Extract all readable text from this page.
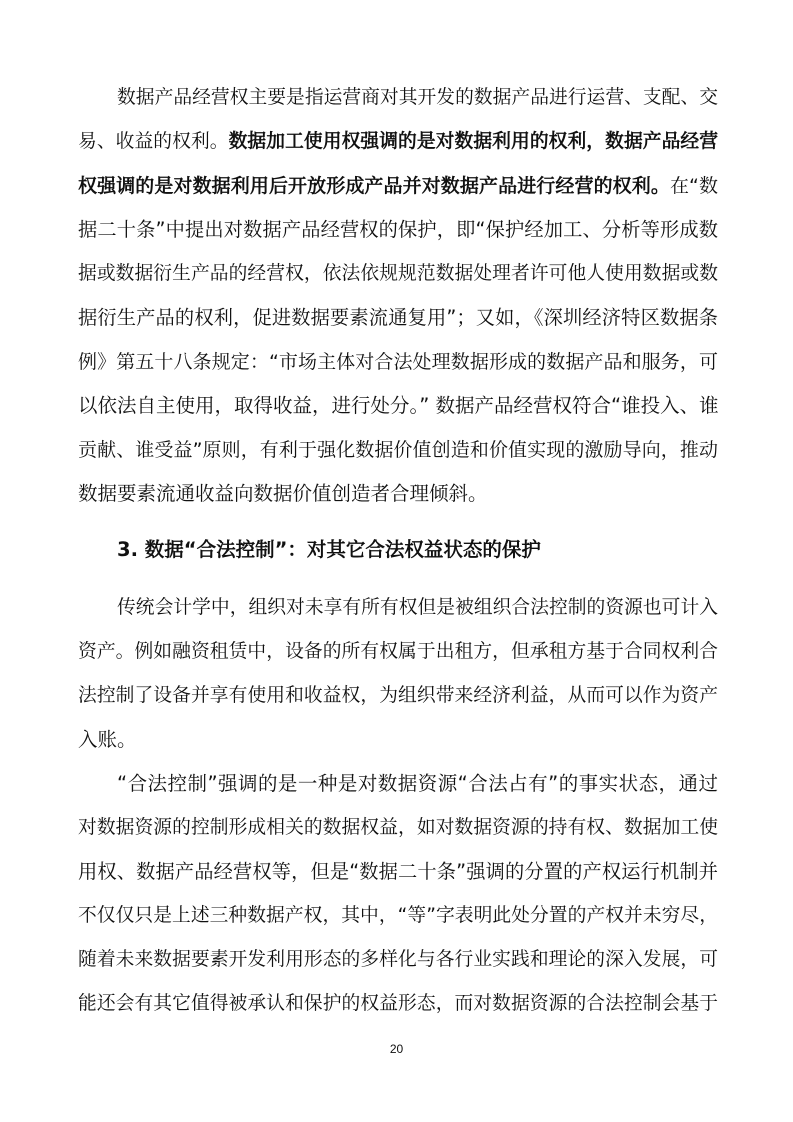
数据产品经营权主要是指运营商对其开发的数据产品进行运营、支配、交
易、收益的权利。数据加工使用权强调的是对数据利用的权利，数据产品经营
权强调的是对数据利用后开放形成产品并对数据产品进行经营的权利。在“数
据二十条”中提出对数据产品经营权的保护，即“保护经加工、分析等形成数
据或数据衍生产品的经营权，依法依规规范数据处理者许可他人使用数据或数
据衍生产品的权利，促进数据要素流通复用”；又如，《深圳经济特区数据条
例》第五十八条规定：“市场主体对合法处理数据形成的数据产品和服务，可
以依法自主使用，取得收益，进行处分。” 数据产品经营权符合“谁投入、谁
贡献、谁受益”原则，有利于强化数据价值创造和价值实现的激励导向，推动
数据要素流通收益向数据价值创造者合理倾斜。
3. 数据“合法控制”：对其它合法权益状态的保护
传统会计学中，组织对未享有所有权但是被组织合法控制的资源也可计入
资产。例如融资租赁中，设备的所有权属于出租方，但承租方基于合同权利合
法控制了设备并享有使用和收益权，为组织带来经济利益，从而可以作为资产
入账。
“合法控制”强调的是一种是对数据资源“合法占有”的事实状态，通过
对数据资源的控制形成相关的数据权益，如对数据资源的持有权、数据加工使
用权、数据产品经营权等，但是“数据二十条”强调的分置的产权运行机制并
不仅仅只是上述三种数据产权，其中，“等”字表明此处分置的产权并未穷尽，
随着未来数据要素开发利用形态的多样化与各行业实践和理论的深入发展，可
能还会有其它值得被承认和保护的权益形态，而对数据资源的合法控制会基于
20
